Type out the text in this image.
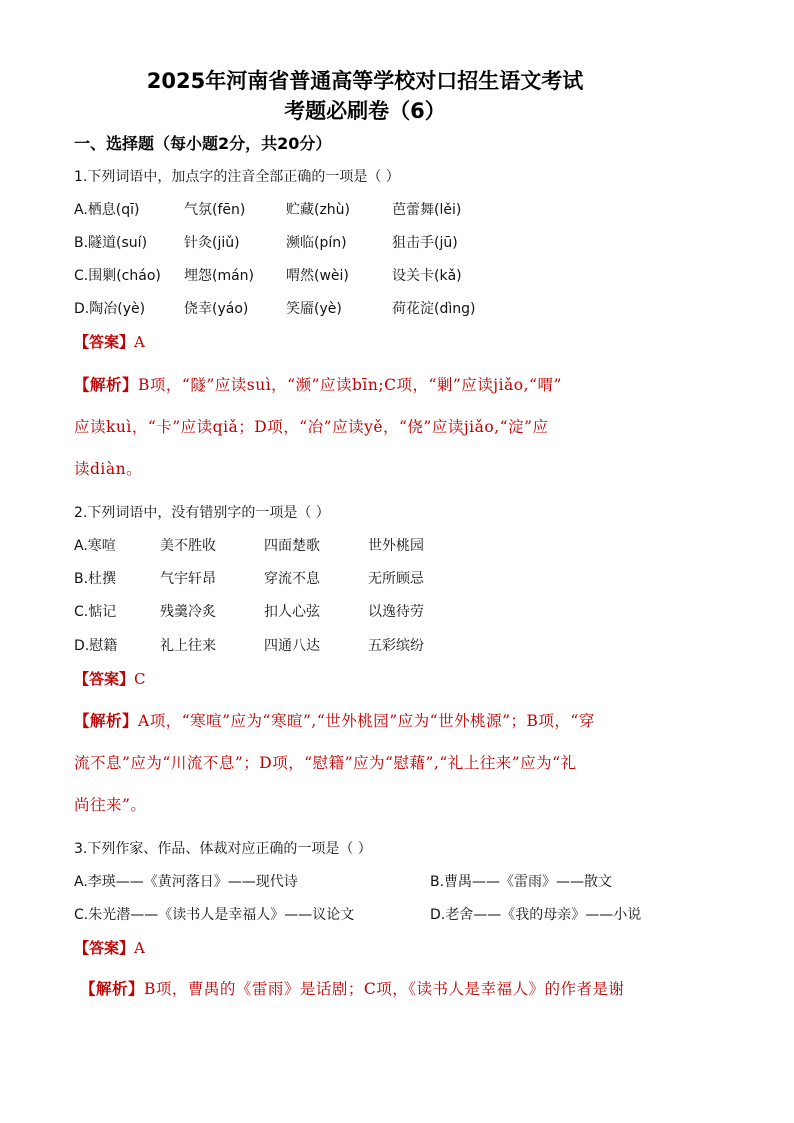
2025年河南省普通高等学校对口招生语文考试
考题必刷卷（6）
一、选择题（每小题2分，共20分）
1.下列词语中，加点字的注音全部正确的一项是（ ）
A.栖息(qī)	气氛(fēn)	贮藏(zhù)	芭蕾舞(lěi)
B.隧道(suí)	针灸(jiǔ)	濒临(pín)	狙击手(jū)
C.围剿(cháo) 埋怨(mán) 喟然(wèi)	设关卡(kǎ)
D.陶冶(yè)	侥幸(yáo)	笑靥(yè)	荷花淀(dìng)
【答案】A
【解析】B项，“隧”应读suì，“濒”应读bīn;C项，“剿”应读jiǎo,“喟”
应读kuì，“卡”应读qiǎ；D项，“冶”应读yě，“侥”应读jiǎo,“淀”应
读diàn。
2.下列词语中，没有错别字的一项是（ ）
A.寒喧	美不胜收	四面楚歌	世外桃园
B.杜撰	气宇轩昂	穿流不息	无所顾忌
C.惦记	残羹冷炙	扣人心弦	以逸待劳
D.慰籍	礼上往来	四通八达	五彩缤纷
【答案】C
【解析】A项，“寒喧”应为“寒暄”,“世外桃园”应为“世外桃源”；B项，“穿
流不息”应为“川流不息”；D项，“慰籍”应为“慰藉”,“礼上往来”应为“礼
尚往来”。
3.下列作家、作品、体裁对应正确的一项是（ ）
A.李瑛——《黄河落日》——现代诗	B.曹禺——《雷雨》——散文
C.朱光潜——《读书人是幸福人》——议论文	D.老舍——《我的母亲》——小说
【答案】A
【解析】B项，曹禺的《雷雨》是话剧；C项，《读书人是幸福人》的作者是谢
